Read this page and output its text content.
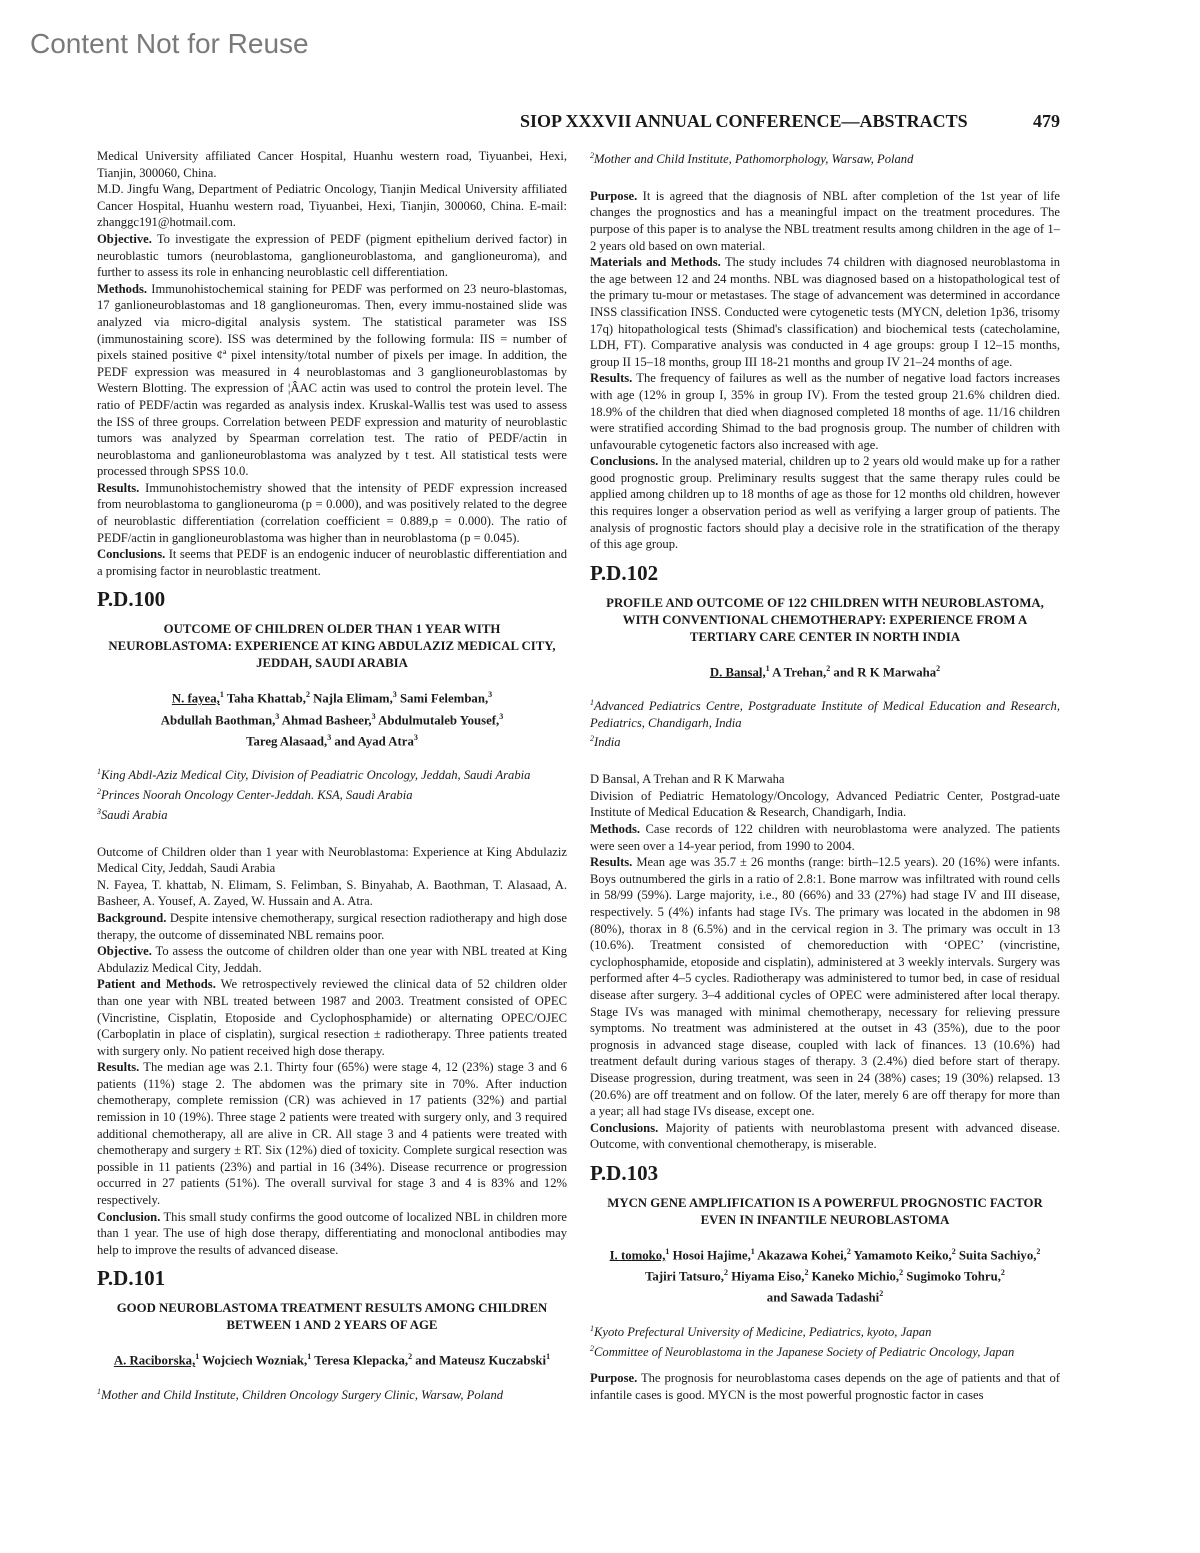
Content Not for Reuse
SIOP XXXVII ANNUAL CONFERENCE—ABSTRACTS	479

Medical University affiliated Cancer Hospital, Huanhu western road, Tiyuanbei, Hexi, Tianjin, 300060, China.

M.D. Jingfu Wang, Department of Pediatric Oncology, Tianjin Medical University affiliated Cancer Hospital, Huanhu western road, Tiyuanbei, Hexi, Tianjin, 300060, China. E-mail: zhanggc191@hotmail.com.

Objective. To investigate the expression of PEDF (pigment epithelium derived factor) in neuroblastic tumors (neuroblastoma, ganglioneuroblastoma, and ganglioneuroma), and further to assess its role in enhancing neuroblastic cell differentiation.

Methods. Immunohistochemical staining for PEDF was performed on 23 neuro-blastomas, 17 ganlioneuroblastomas and 18 ganglioneuromas. Then, every immu-nostained slide was analyzed via micro-digital analysis system. The statistical parameter was ISS (immunostaining score). ISS was determined by the following formula: IIS = number of pixels stained positive ¢ª pixel intensity/total number of pixels per image. In addition, the PEDF expression was measured in 4 neuroblastomas and 3 ganglioneuroblastomas by Western Blotting. The expression of ¦ÂAC actin was used to control the protein level. The ratio of PEDF/actin was regarded as analysis index. Kruskal-Wallis test was used to assess the ISS of three groups. Correlation between PEDF expression and maturity of neuroblastic tumors was analyzed by Spearman correlation test. The ratio of PEDF/actin in neuroblastoma and ganlioneuroblastoma was analyzed by t test. All statistical tests were processed through SPSS 10.0.

Results. Immunohistochemistry showed that the intensity of PEDF expression increased from neuroblastoma to ganglioneuroma (p = 0.000), and was positively related to the degree of neuroblastic differentiation (correlation coefficient = 0.889,p = 0.000). The ratio of PEDF/actin in ganglioneuroblastoma was higher than in neuroblastoma (p = 0.045).

Conclusions. It seems that PEDF is an endogenic inducer of neuroblastic differentiation and a promising factor in neuroblastic treatment.

P.D.100
OUTCOME OF CHILDREN OLDER THAN 1 YEAR WITH NEUROBLASTOMA: EXPERIENCE AT KING ABDULAZIZ MEDICAL CITY, JEDDAH, SAUDI ARABIA
N. fayea,$^1$ Taha Khattab,$^2$ Najla Elimam,$^3$ Sami Felemban,$^3$
Abdullah Baothman,$^3$ Ahmad Basheer,$^3$ Abdulmutaleb Yousef,$^3$
Tareg Alasaad,$^3$ and Ayad Atra$^3$

$^1$King Abdl-Aziz Medical City, Division of Peadiatric Oncology, Jeddah, Saudi Arabia

$^2$Princes Noorah Oncology Center-Jeddah. KSA, Saudi Arabia

$^3$Saudi Arabia

Outcome of Children older than 1 year with Neuroblastoma: Experience at King Abdulaziz Medical City, Jeddah, Saudi Arabia

N. Fayea, T. khattab, N. Elimam, S. Felimban, S. Binyahab, A. Baothman, T. Alasaad, A. Basheer, A. Yousef, A. Zayed, W. Hussain and A. Atra.

Background. Despite intensive chemotherapy, surgical resection radiotherapy and high dose therapy, the outcome of disseminated NBL remains poor.

Objective. To assess the outcome of children older than one year with NBL treated at King Abdulaziz Medical City, Jeddah.

Patient and Methods. We retrospectively reviewed the clinical data of 52 children older than one year with NBL treated between 1987 and 2003. Treatment consisted of OPEC (Vincristine, Cisplatin, Etoposide and Cyclophosphamide) or alternating OPEC/OJEC (Carboplatin in place of cisplatin), surgical resection ± radiotherapy. Three patients treated with surgery only. No patient received high dose therapy.

Results. The median age was 2.1. Thirty four (65%) were stage 4, 12 (23%) stage 3 and 6 patients (11%) stage 2. The abdomen was the primary site in 70%. After induction chemotherapy, complete remission (CR) was achieved in 17 patients (32%) and partial remission in 10 (19%). Three stage 2 patients were treated with surgery only, and 3 required additional chemotherapy, all are alive in CR. All stage 3 and 4 patients were treated with chemotherapy and surgery ± RT. Six (12%) died of toxicity. Complete surgical resection was possible in 11 patients (23%) and partial in 16 (34%). Disease recurrence or progression occurred in 27 patients (51%). The overall survival for stage 3 and 4 is 83% and 12% respectively.

Conclusion. This small study confirms the good outcome of localized NBL in children more than 1 year. The use of high dose therapy, differentiating and monoclonal antibodies may help to improve the results of advanced disease.

P.D.101
GOOD NEUROBLASTOMA TREATMENT RESULTS AMONG CHILDREN BETWEEN 1 AND 2 YEARS OF AGE
A. Raciborska,$^1$ Wojciech Wozniak,$^1$ Teresa Klepacka,$^2$ and Mateusz Kuczabski$^1$

$^1$Mother and Child Institute, Children Oncology Surgery Clinic, Warsaw, Poland

$^2$Mother and Child Institute, Pathomorphology, Warsaw, Poland

Purpose. It is agreed that the diagnosis of NBL after completion of the 1st year of life changes the prognostics and has a meaningful impact on the treatment procedures. The purpose of this paper is to analyse the NBL treatment results among children in the age of 1–2 years old based on own material.

Materials and Methods. The study includes 74 children with diagnosed neuroblastoma in the age between 12 and 24 months. NBL was diagnosed based on a histopathological test of the primary tu-mour or metastases. The stage of advancement was determined in accordance INSS classification INSS. Conducted were cytogenetic tests (MYCN, deletion 1p36, trisomy 17q) hitopathological tests (Shimad's classification) and biochemical tests (catecholamine, LDH, FT). Comparative analysis was conducted in 4 age groups: group I 12–15 months, group II 15–18 months, group III 18-21 months and group IV 21–24 months of age.

Results. The frequency of failures as well as the number of negative load factors increases with age (12% in group I, 35% in group IV). From the tested group 21.6% children died. 18.9% of the children that died when diagnosed completed 18 months of age. 11/16 children were stratified according Shimad to the bad prognosis group. The number of children with unfavourable cytogenetic factors also increased with age.

Conclusions. In the analysed material, children up to 2 years old would make up for a rather good prognostic group. Preliminary results suggest that the same therapy rules could be applied among children up to 18 months of age as those for 12 months old children, however this requires longer a observation period as well as verifying a larger group of patients. The analysis of prognostic factors should play a decisive role in the stratification of the therapy of this age group.

P.D.102
PROFILE AND OUTCOME OF 122 CHILDREN WITH NEUROBLASTOMA, WITH CONVENTIONAL CHEMOTHERAPY: EXPERIENCE FROM A TERTIARY CARE CENTER IN NORTH INDIA
D. Bansal,$^1$ A Trehan,$^2$ and R K Marwaha$^2$

$^1$Advanced Pediatrics Centre, Postgraduate Institute of Medical Education and Research, Pediatrics, Chandigarh, India

$^2$India

D Bansal, A Trehan and R K Marwaha

Division of Pediatric Hematology/Oncology, Advanced Pediatric Center, Postgrad-uate Institute of Medical Education & Research, Chandigarh, India.

Methods. Case records of 122 children with neuroblastoma were analyzed. The patients were seen over a 14-year period, from 1990 to 2004.

Results. Mean age was 35.7 ± 26 months (range: birth–12.5 years). 20 (16%) were infants. Boys outnumbered the girls in a ratio of 2.8:1. Bone marrow was infiltrated with round cells in 58/99 (59%). Large majority, i.e., 80 (66%) and 33 (27%) had stage IV and III disease, respectively. 5 (4%) infants had stage IVs. The primary was located in the abdomen in 98 (80%), thorax in 8 (6.5%) and in the cervical region in 3. The primary was occult in 13 (10.6%). Treatment consisted of chemoreduction with ‘OPEC’ (vincristine, cyclophosphamide, etoposide and cisplatin), administered at 3 weekly intervals. Surgery was performed after 4–5 cycles. Radiotherapy was administered to tumor bed, in case of residual disease after surgery. 3–4 additional cycles of OPEC were administered after local therapy. Stage IVs was managed with minimal chemotherapy, necessary for relieving pressure symptoms. No treatment was administered at the outset in 43 (35%), due to the poor prognosis in advanced stage disease, coupled with lack of finances. 13 (10.6%) had treatment default during various stages of therapy. 3 (2.4%) died before start of therapy. Disease progression, during treatment, was seen in 24 (38%) cases; 19 (30%) relapsed. 13 (20.6%) are off treatment and on follow. Of the later, merely 6 are off therapy for more than a year; all had stage IVs disease, except one.

Conclusions. Majority of patients with neuroblastoma present with advanced disease. Outcome, with conventional chemotherapy, is miserable.

P.D.103
MYCN GENE AMPLIFICATION IS A POWERFUL PROGNOSTIC FACTOR EVEN IN INFANTILE NEUROBLASTOMA
I. tomoko,$^1$ Hosoi Hajime,$^1$ Akazawa Kohei,$^2$ Yamamoto Keiko,$^2$ Suita Sachiyo,$^2$
Tajiri Tatsuro,$^2$ Hiyama Eiso,$^2$ Kaneko Michio,$^2$ Sugimoko Tohru,$^2$
and Sawada Tadashi$^2$

$^1$Kyoto Prefectural University of Medicine, Pediatrics, kyoto, Japan

$^2$Committee of Neuroblastoma in the Japanese Society of Pediatric Oncology, Japan

Purpose. The prognosis for neuroblastoma cases depends on the age of patients and that of infantile cases is good. MYCN is the most powerful prognostic factor in cases
